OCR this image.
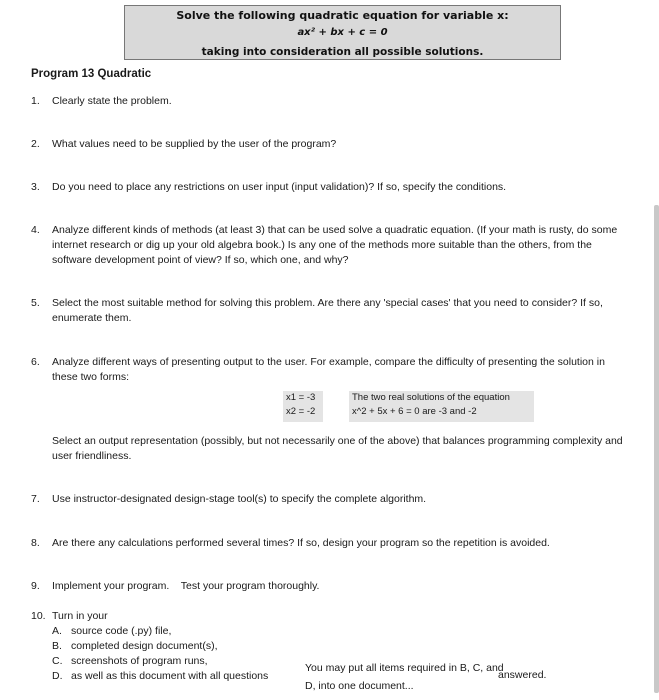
Solve the following quadratic equation for variable x:
ax² + bx + c = 0
taking into consideration all possible solutions.
Program 13 Quadratic
1. Clearly state the problem.
2. What values need to be supplied by the user of the program?
3. Do you need to place any restrictions on user input (input validation)? If so, specify the conditions.
4. Analyze different kinds of methods (at least 3) that can be used solve a quadratic equation. (If your math is rusty, do some internet research or dig up your old algebra book.) Is any one of the methods more suitable than the others, from the software development point of view? If so, which one, and why?
5. Select the most suitable method for solving this problem. Are there any 'special cases' that you need to consider? If so, enumerate them.
6. Analyze different ways of presenting output to the user. For example, compare the difficulty of presenting the solution in these two forms:
x1 = -3
x2 = -2
The two real solutions of the equation
x^2 + 5x + 6 = 0 are -3 and -2
Select an output representation (possibly, but not necessarily one of the above) that balances programming complexity and user friendliness.
7. Use instructor-designated design-stage tool(s) to specify the complete algorithm.
8. Are there any calculations performed several times? If so, design your program so the repetition is avoided.

9.

Implement your program.    Test your program thoroughly.

10. Turn in your
A. source code (.py) file,
B. completed design document(s),
C. screenshots of program runs,
D. as well as this document with all questions
You may put all items required in B, C, and D, into one document...
answered.
